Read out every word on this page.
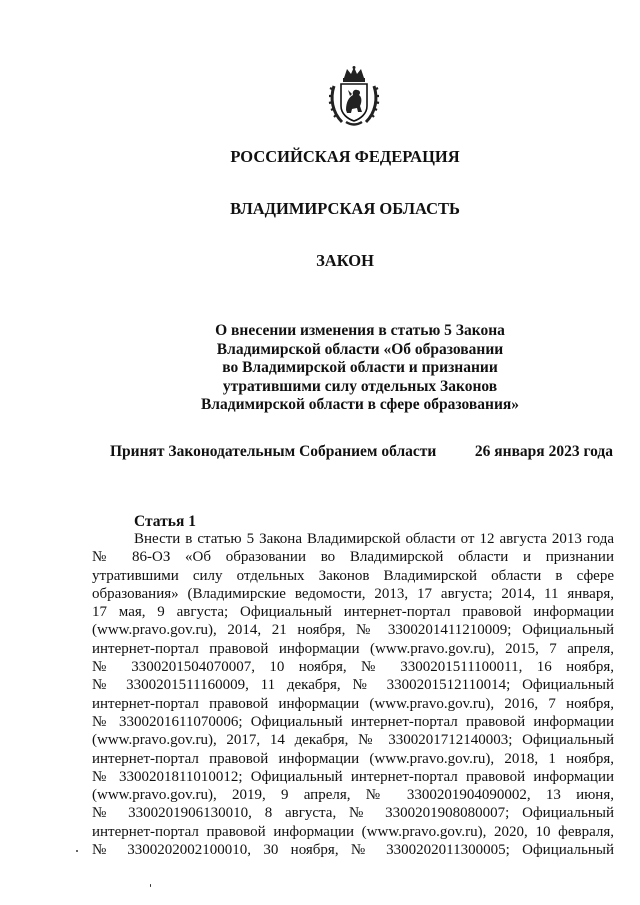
РОССИЙСКАЯ ФЕДЕРАЦИЯ
ВЛАДИМИРСКАЯ ОБЛАСТЬ
ЗАКОН
О внесении изменения в статью 5 Закона
Владимирской области «Об образовании
во Владимирской области и признании
утратившими силу отдельных Законов
Владимирской области в сфере образования»
Принят Законодательным Собранием области 26 января 2023 года
Статья 1
Внести в статью 5 Закона Владимирской области от 12 августа 2013 года
№ 86-ОЗ «Об образовании во Владимирской области и признании
утратившими силу отдельных Законов Владимирской области в сфере
образования» (Владимирские ведомости, 2013, 17 августа; 2014, 11 января,
17 мая, 9 августа; Официальный интернет-портал правовой информации
(www.pravo.gov.ru), 2014, 21 ноября, № 3300201411210009; Официальный
интернет-портал правовой информации (www.pravo.gov.ru), 2015, 7 апреля,
№ 3300201504070007, 10 ноября, № 3300201511100011, 16 ноября,
№ 3300201511160009, 11 декабря, № 3300201512110014; Официальный
интернет-портал правовой информации (www.pravo.gov.ru), 2016, 7 ноября,
№ 3300201611070006; Официальный интернет-портал правовой информации
(www.pravo.gov.ru), 2017, 14 декабря, № 3300201712140003; Официальный
интернет-портал правовой информации (www.pravo.gov.ru), 2018, 1 ноября,
№ 3300201811010012; Официальный интернет-портал правовой информации
(www.pravo.gov.ru), 2019, 9 апреля, № 3300201904090002, 13 июня,
№ 3300201906130010, 8 августа, № 3300201908080007; Официальный
интернет-портал правовой информации (www.pravo.gov.ru), 2020, 10 февраля,
№ 3300202002100010, 30 ноября, № 3300202011300005; Официальный
